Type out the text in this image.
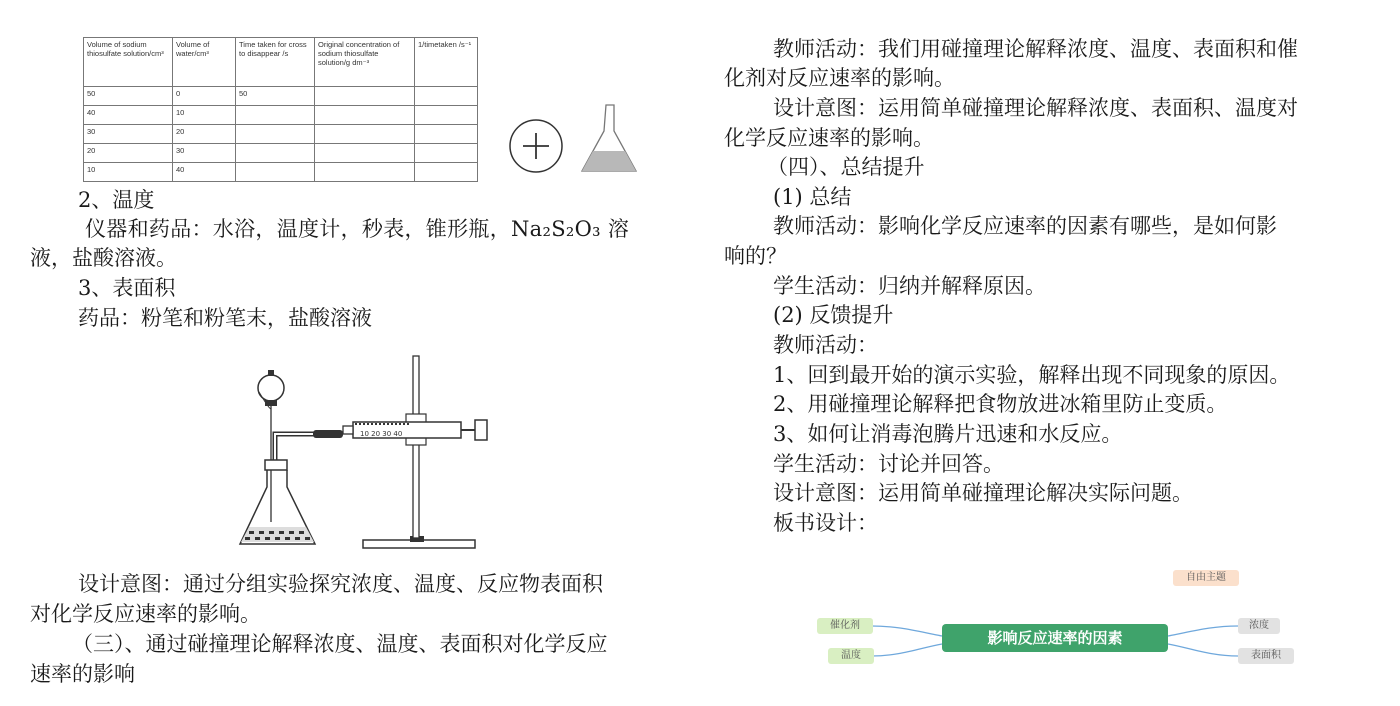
Volume of sodium thiosulfate solution/cm³	Volume of water/cm³	Time taken for cross to disappear /s	Original concentration of sodium thiosulfate solution/g dm⁻³	1/timetaken /s⁻¹
50	0	50		
40	10			
30	20			
20	30			
10	40			
2、温度
仪器和药品：水浴，温度计，秒表，锥形瓶，Na₂S₂O₃ 溶
液，盐酸溶液。
3、表面积
药品：粉笔和粉笔末，盐酸溶液
10 20 30 40
设计意图：通过分组实验探究浓度、温度、反应物表面积
对化学反应速率的影响。
（三）、通过碰撞理论解释浓度、温度、表面积对化学反应
速率的影响
教师活动：我们用碰撞理论解释浓度、温度、表面积和催
化剂对反应速率的影响。
设计意图：运用简单碰撞理论解释浓度、表面积、温度对
化学反应速率的影响。
（四）、总结提升
(1) 总结
教师活动：影响化学反应速率的因素有哪些，是如何影
响的？
学生活动：归纳并解释原因。
(2) 反馈提升
教师活动：
1、回到最开始的演示实验，解释出现不同现象的原因。
2、用碰撞理论解释把食物放进冰箱里防止变质。
3、如何让消毒泡腾片迅速和水反应。
学生活动：讨论并回答。
设计意图：运用简单碰撞理论解决实际问题。
板书设计：
自由主题
影响反应速率的因素
催化剂
温度
浓度
表面积
